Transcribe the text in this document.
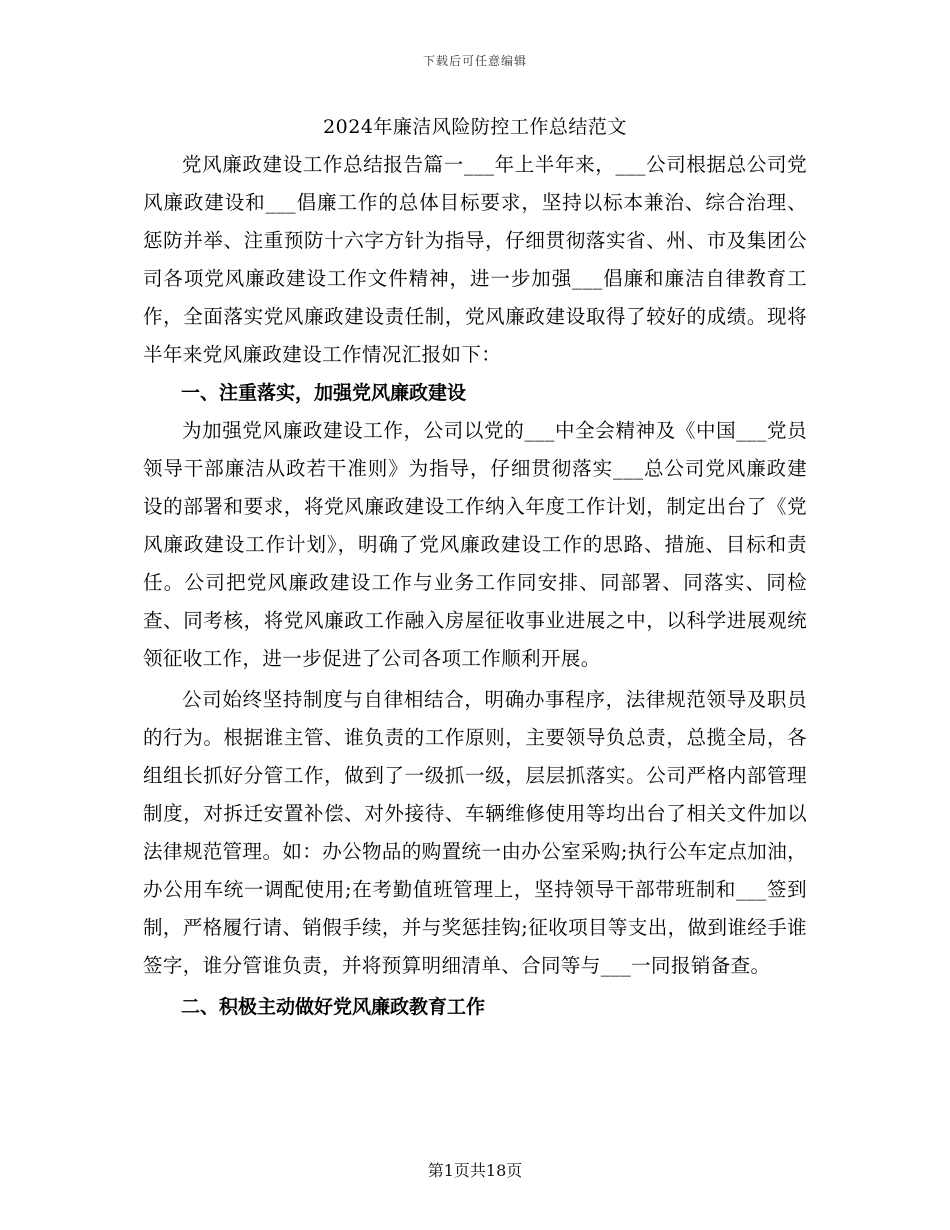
下载后可任意编辑
2024年廉洁风险防控工作总结范文

党风廉政建设工作总结报告篇一___年上半年来，___公司根据总公司党风廉政建设和___倡廉工作的总体目标要求，坚持以标本兼治、综合治理、惩防并举、注重预防十六字方针为指导，仔细贯彻落实省、州、市及集团公司各项党风廉政建设工作文件精神，进一步加强___倡廉和廉洁自律教育工作，全面落实党风廉政建设责任制，党风廉政建设取得了较好的成绩。现将半年来党风廉政建设工作情况汇报如下：

一、注重落实，加强党风廉政建设

为加强党风廉政建设工作，公司以党的___中全会精神及《中国___党员领导干部廉洁从政若干准则》为指导，仔细贯彻落实___总公司党风廉政建设的部署和要求，将党风廉政建设工作纳入年度工作计划，制定出台了《党风廉政建设工作计划》，明确了党风廉政建设工作的思路、措施、目标和责任。公司把党风廉政建设工作与业务工作同安排、同部署、同落实、同检查、同考核，将党风廉政工作融入房屋征收事业进展之中，以科学进展观统领征收工作，进一步促进了公司各项工作顺利开展。

公司始终坚持制度与自律相结合，明确办事程序，法律规范领导及职员的行为。根据谁主管、谁负责的工作原则，主要领导负总责，总揽全局，各组组长抓好分管工作，做到了一级抓一级，层层抓落实。公司严格内部管理制度，对拆迁安置补偿、对外接待、车辆维修使用等均出台了相关文件加以法律规范管理。如：办公物品的购置统一由办公室采购;执行公车定点加油，办公用车统一调配使用;在考勤值班管理上，坚持领导干部带班制和___签到制，严格履行请、销假手续，并与奖惩挂钩;征收项目等支出，做到谁经手谁签字，谁分管谁负责，并将预算明细清单、合同等与___一同报销备查。

二、积极主动做好党风廉政教育工作

第1页共18页
